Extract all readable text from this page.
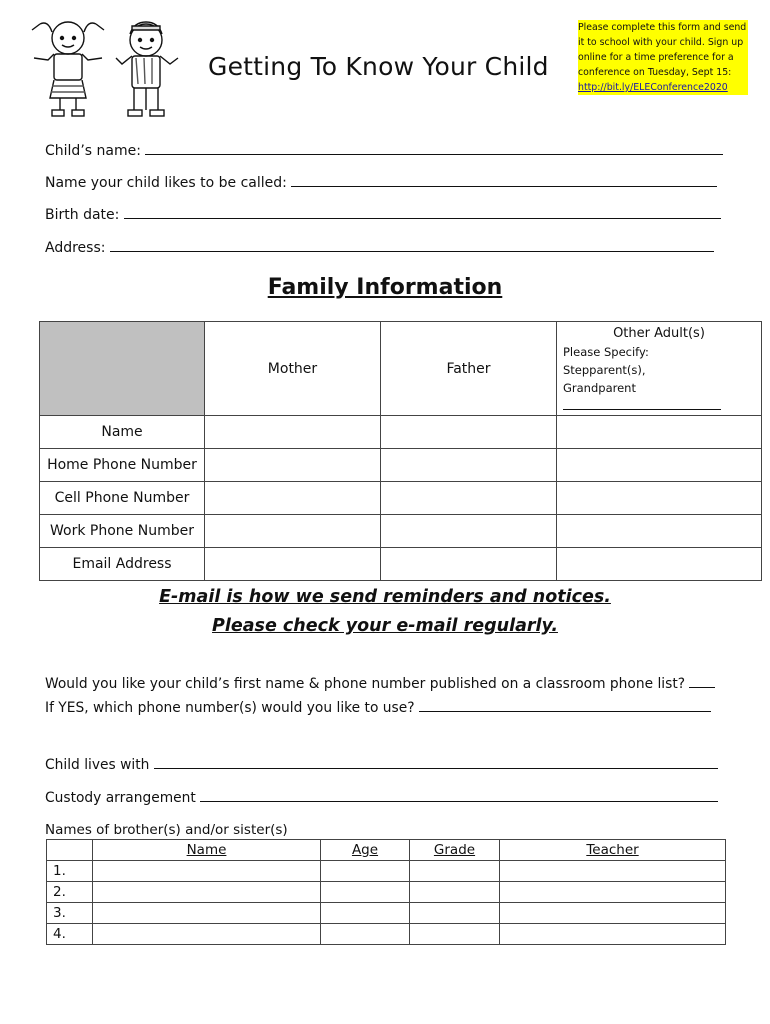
Getting To Know Your Child
Please complete this form and send it to school with your child. Sign up online for a time preference for a conference on Tuesday, Sept 15: http://bit.ly/ELEConference2020
Child’s name:
Name your child likes to be called:
Birth date:
Address:
Family Information
	Mother	Father	Other Adult(s)
Please Specify:
Stepparent(s),
Grandparent

Name			
Home Phone Number			
Cell Phone Number			
Work Phone Number			
Email Address			
E-mail is how we send reminders and notices.
Please check your e-mail regularly.
Would you like your child’s first name & phone number published on a classroom phone list?
If YES, which phone number(s) would you like to use?
Child lives with
Custody arrangement
Names of brother(s) and/or sister(s)
	Name	Age	Grade	Teacher
1.				
2.				
3.				
4.				
